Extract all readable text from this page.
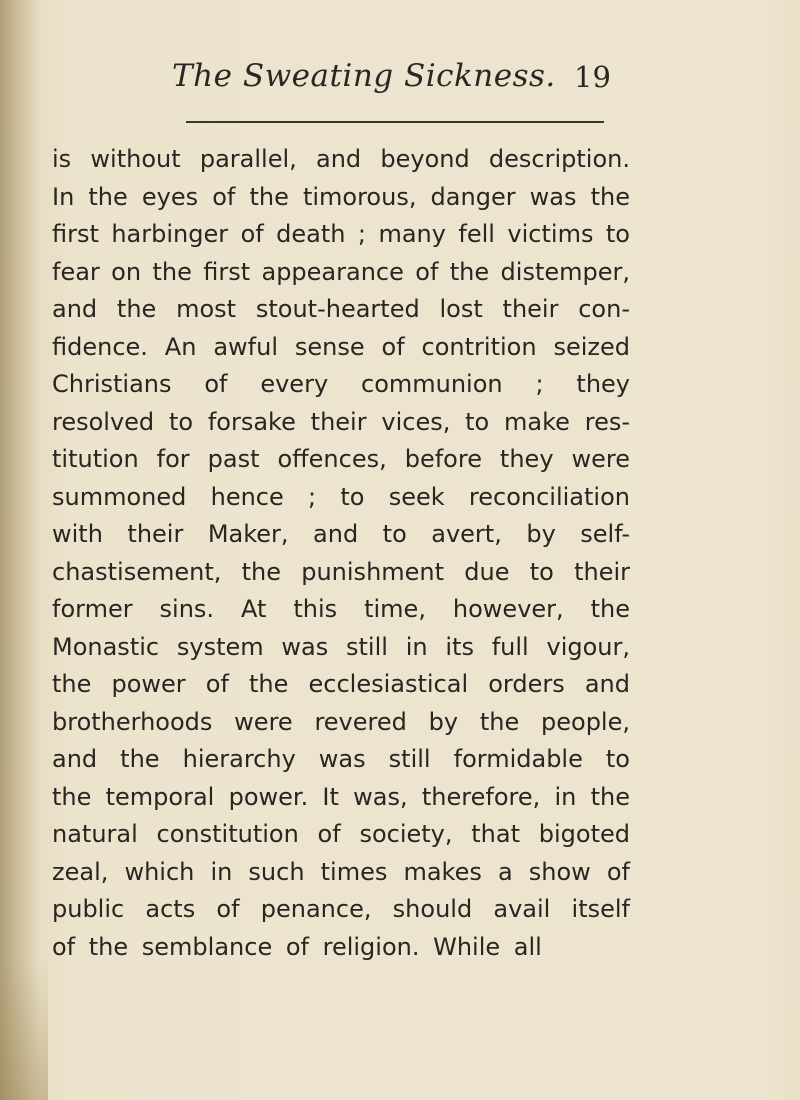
The Sweating Sickness. 19
is without parallel, and beyond description.
In the eyes of the timorous, danger was the
first harbinger of death ; many fell victims to
fear on the first appearance of the distemper,
and the most stout-hearted lost their con-
fidence. An awful sense of contrition seized
Christians of every communion ; they
resolved to forsake their vices, to make res-
titution for past offences, before they were
summoned hence ; to seek reconciliation
with their Maker, and to avert, by self-
chastisement, the punishment due to their
former sins. At this time, however, the
Monastic system was still in its full vigour,
the power of the ecclesiastical orders and
brotherhoods were revered by the people,
and the hierarchy was still formidable to
the temporal power. It was, therefore, in the
natural constitution of society, that bigoted
zeal, which in such times makes a show of
public acts of penance, should avail itself
of the semblance of religion. While all
